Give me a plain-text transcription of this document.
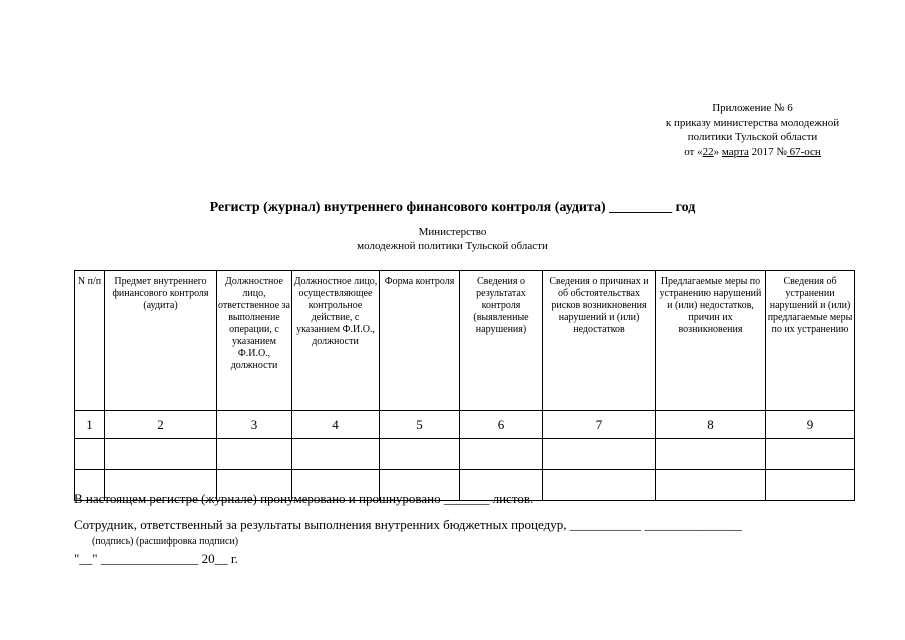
Приложение № 6
к приказу министерства молодежной
политики Тульской области
от «22» марта 2017 № 67-осн
Регистр (журнал) внутреннего финансового контроля (аудита) _________ год
Министерство
молодежной политики Тульской области
N п/п	Предмет внутреннего финансового контроля (аудита)	Должностное лицо, ответственное за выполнение операции, с указанием Ф.И.О., должности	Должностное лицо, осуществляющее контрольное действие, с указанием Ф.И.О., должности	Форма контроля	Сведения о результатах контроля (выявленные нарушения)	Сведения о причинах и об обстоятельствах рисков возникновения нарушений и (или) недостатков	Предлагаемые меры по устранению нарушений и (или) недостатков, причин их возникновения	Сведения об устранении нарушений и (или) предлагаемые меры по их устранению
1	2	3	4	5	6	7	8	9

В настоящем регистре (журнале) пронумеровано и прошнуровано _______ листов.
Сотрудник, ответственный за результаты выполнения внутренних бюджетных процедур, ___________ _______________
(подпись) (расшифровка подписи)
"__" _______________ 20__ г.
